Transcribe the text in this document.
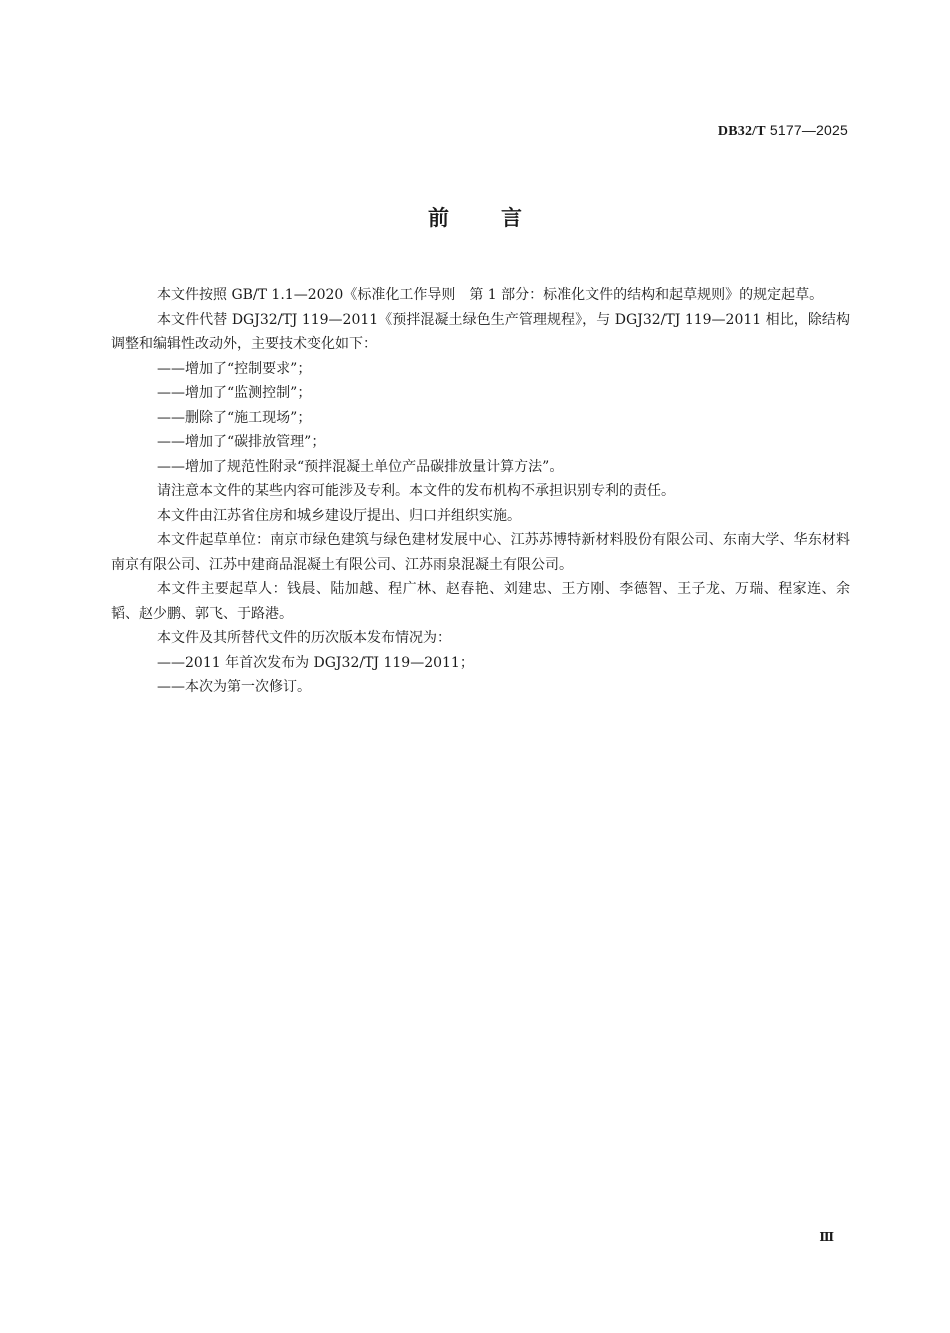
DB32/T 5177—2025
前言

本文件按照 GB/T 1.1—2020《标准化工作导则　第 1 部分：标准化文件的结构和起草规则》的规定起草。

本文件代替 DGJ32/TJ 119—2011《预拌混凝土绿色生产管理规程》，与 DGJ32/TJ 119—2011 相比，除结构调整和编辑性改动外，主要技术变化如下：

——增加了“控制要求”；

——增加了“监测控制”；

——删除了“施工现场”；

——增加了“碳排放管理”；

——增加了规范性附录“预拌混凝土单位产品碳排放量计算方法”。

请注意本文件的某些内容可能涉及专利。本文件的发布机构不承担识别专利的责任。

本文件由江苏省住房和城乡建设厅提出、归口并组织实施。

本文件起草单位：南京市绿色建筑与绿色建材发展中心、江苏苏博特新材料股份有限公司、东南大学、华东材料南京有限公司、江苏中建商品混凝土有限公司、江苏雨泉混凝土有限公司。

本文件主要起草人：钱晨、陆加越、程广林、赵春艳、刘建忠、王方刚、李德智、王子龙、万瑞、程家连、余韬、赵少鹏、郭飞、于路港。

本文件及其所替代文件的历次版本发布情况为：

——2011 年首次发布为 DGJ32/TJ 119—2011；

——本次为第一次修订。

Ⅲ
